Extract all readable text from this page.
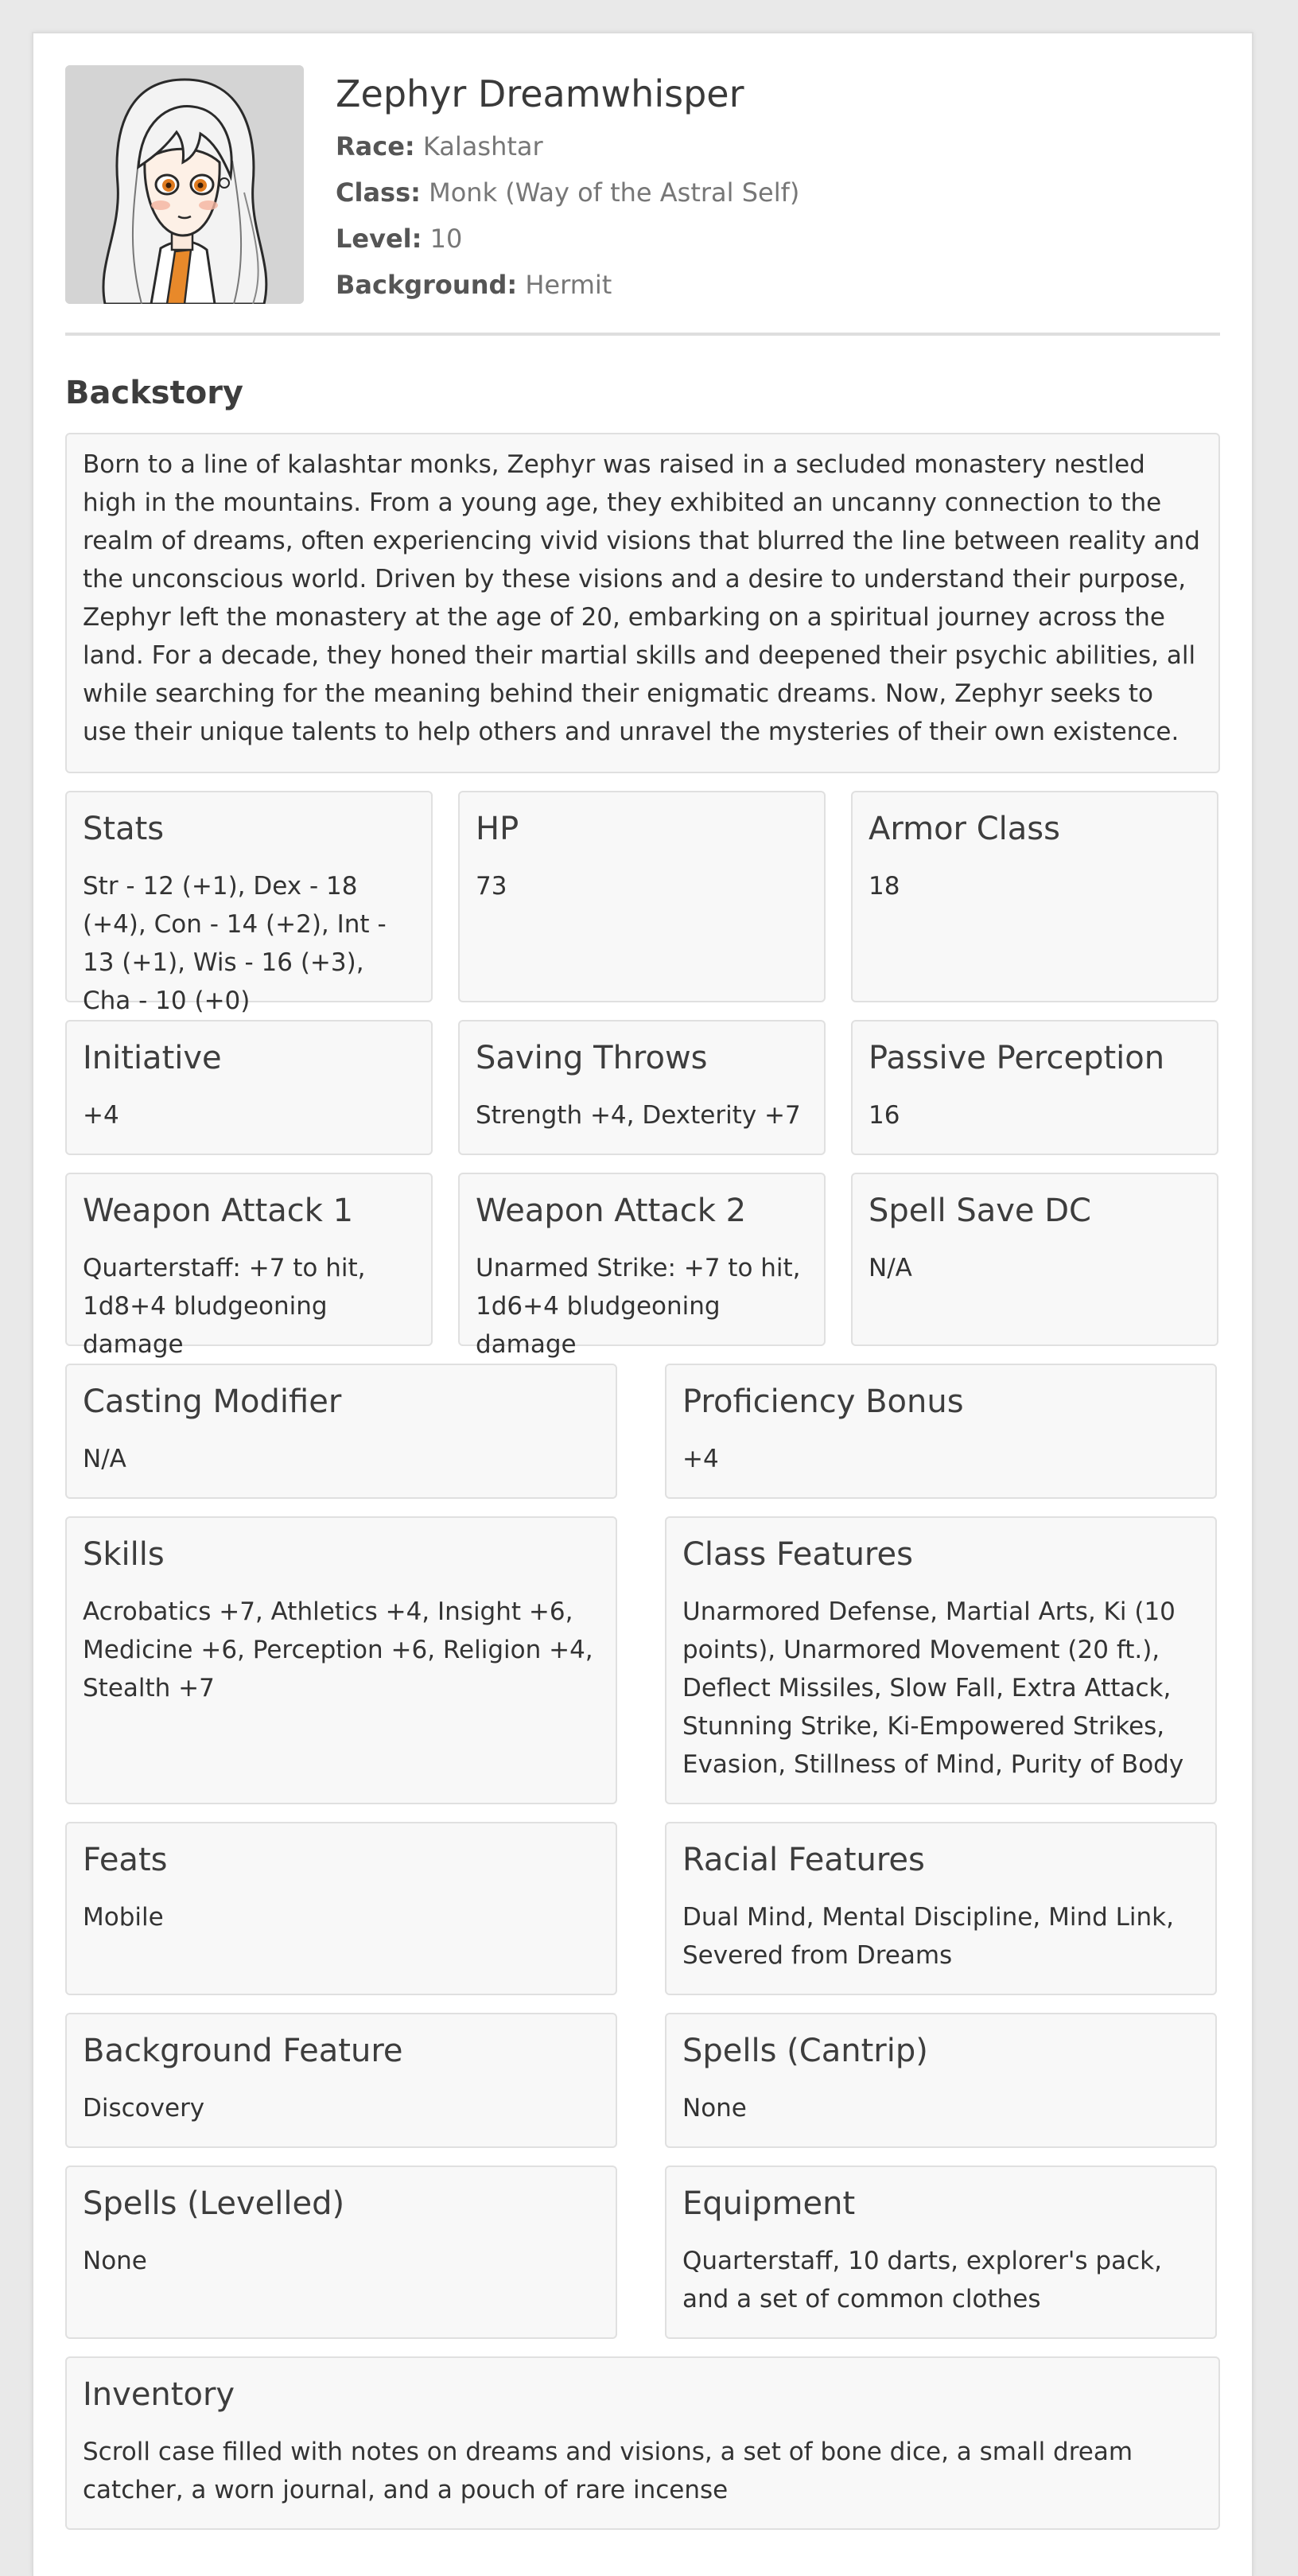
Zephyr Dreamwhisper
Race: Kalashtar
Class: Monk (Way of the Astral Self)
Level: 10
Background: Hermit
Backstory
Born to a line of kalashtar monks, Zephyr was raised in a secluded monastery nestled high in the mountains. From a young age, they exhibited an uncanny connection to the realm of dreams, often experiencing vivid visions that blurred the line between reality and the unconscious world. Driven by these visions and a desire to understand their purpose, Zephyr left the monastery at the age of 20, embarking on a spiritual journey across the land. For a decade, they honed their martial skills and deepened their psychic abilities, all while searching for the meaning behind their enigmatic dreams. Now, Zephyr seeks to use their unique talents to help others and unravel the mysteries of their own existence.
Stats

Str - 12 (+1), Dex - 18 (+4), Con - 14 (+2), Int - 13 (+1), Wis - 16 (+3), Cha - 10 (+0)

HP

73

Armor Class

18

Initiative

+4

Saving Throws

Strength +4, Dexterity +7

Passive Perception

16

Weapon Attack 1

Quarterstaff: +7 to hit, 1d8+4 bludgeoning damage

Weapon Attack 2

Unarmed Strike: +7 to hit, 1d6+4 bludgeoning damage

Spell Save DC

N/A

Casting Modifier

N/A

Proficiency Bonus

+4

Skills

Acrobatics +7, Athletics +4, Insight +6, Medicine +6, Perception +6, Religion +4, Stealth +7

Class Features

Unarmored Defense, Martial Arts, Ki (10 points), Unarmored Movement (20 ft.), Deflect Missiles, Slow Fall, Extra Attack, Stunning Strike, Ki-Empowered Strikes, Evasion, Stillness of Mind, Purity of Body

Feats

Mobile

Racial Features

Dual Mind, Mental Discipline, Mind Link, Severed from Dreams

Background Feature

Discovery

Spells (Cantrip)

None

Spells (Levelled)

None

Equipment

Quarterstaff, 10 darts, explorer's pack, and a set of common clothes

Inventory

Scroll case filled with notes on dreams and visions, a set of bone dice, a small dream catcher, a worn journal, and a pouch of rare incense
